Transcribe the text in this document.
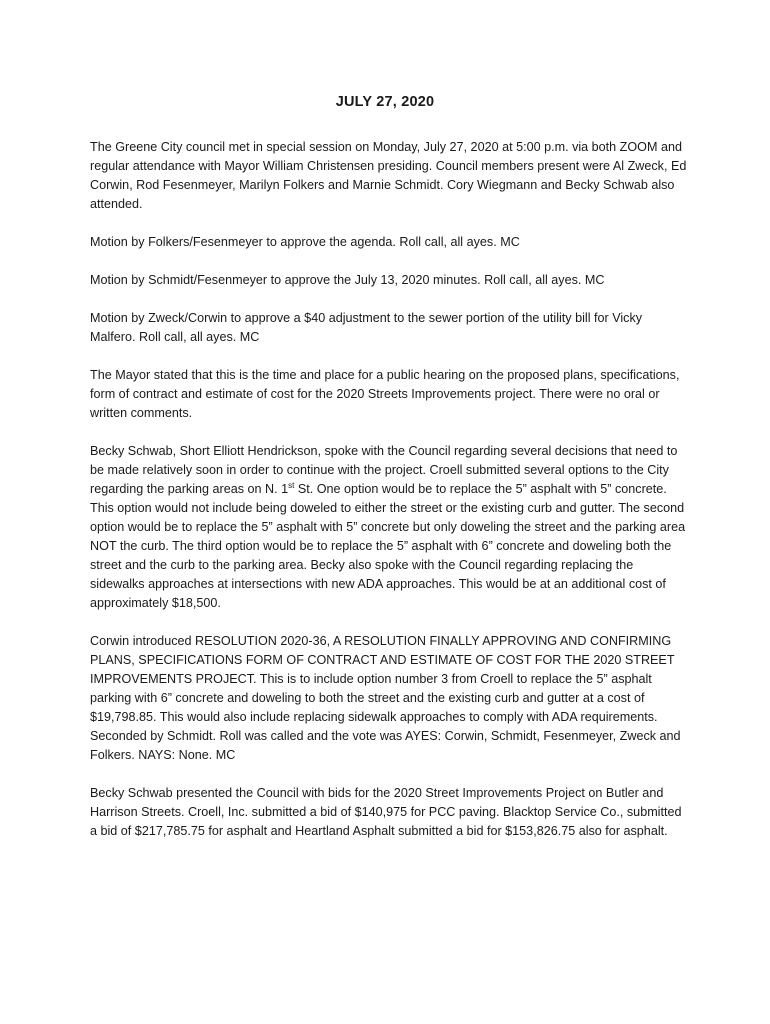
JULY 27, 2020

The Greene City council met in special session on Monday, July 27, 2020 at 5:00 p.m. via both ZOOM and regular attendance with Mayor William Christensen presiding. Council members present were Al Zweck, Ed Corwin, Rod Fesenmeyer, Marilyn Folkers and Marnie Schmidt. Cory Wiegmann and Becky Schwab also attended.

Motion by Folkers/Fesenmeyer to approve the agenda. Roll call, all ayes. MC

Motion by Schmidt/Fesenmeyer to approve the July 13, 2020 minutes. Roll call, all ayes. MC

Motion by Zweck/Corwin to approve a $40 adjustment to the sewer portion of the utility bill for Vicky Malfero. Roll call, all ayes. MC

The Mayor stated that this is the time and place for a public hearing on the proposed plans, specifications, form of contract and estimate of cost for the 2020 Streets Improvements project. There were no oral or written comments.

Becky Schwab, Short Elliott Hendrickson, spoke with the Council regarding several decisions that need to be made relatively soon in order to continue with the project. Croell submitted several options to the City regarding the parking areas on N. 1st St. One option would be to replace the 5” asphalt with 5” concrete. This option would not include being doweled to either the street or the existing curb and gutter. The second option would be to replace the 5” asphalt with 5” concrete but only doweling the street and the parking area NOT the curb. The third option would be to replace the 5” asphalt with 6” concrete and doweling both the street and the curb to the parking area. Becky also spoke with the Council regarding replacing the sidewalks approaches at intersections with new ADA approaches. This would be at an additional cost of approximately $18,500.

Corwin introduced RESOLUTION 2020-36, A RESOLUTION FINALLY APPROVING AND CONFIRMING PLANS, SPECIFICATIONS FORM OF CONTRACT AND ESTIMATE OF COST FOR THE 2020 STREET IMPROVEMENTS PROJECT. This is to include option number 3 from Croell to replace the 5” asphalt parking with 6” concrete and doweling to both the street and the existing curb and gutter at a cost of $19,798.85. This would also include replacing sidewalk approaches to comply with ADA requirements. Seconded by Schmidt. Roll was called and the vote was AYES: Corwin, Schmidt, Fesenmeyer, Zweck and Folkers. NAYS: None. MC

Becky Schwab presented the Council with bids for the 2020 Street Improvements Project on Butler and Harrison Streets. Croell, Inc. submitted a bid of $140,975 for PCC paving. Blacktop Service Co., submitted a bid of $217,785.75 for asphalt and Heartland Asphalt submitted a bid for $153,826.75 also for asphalt.
